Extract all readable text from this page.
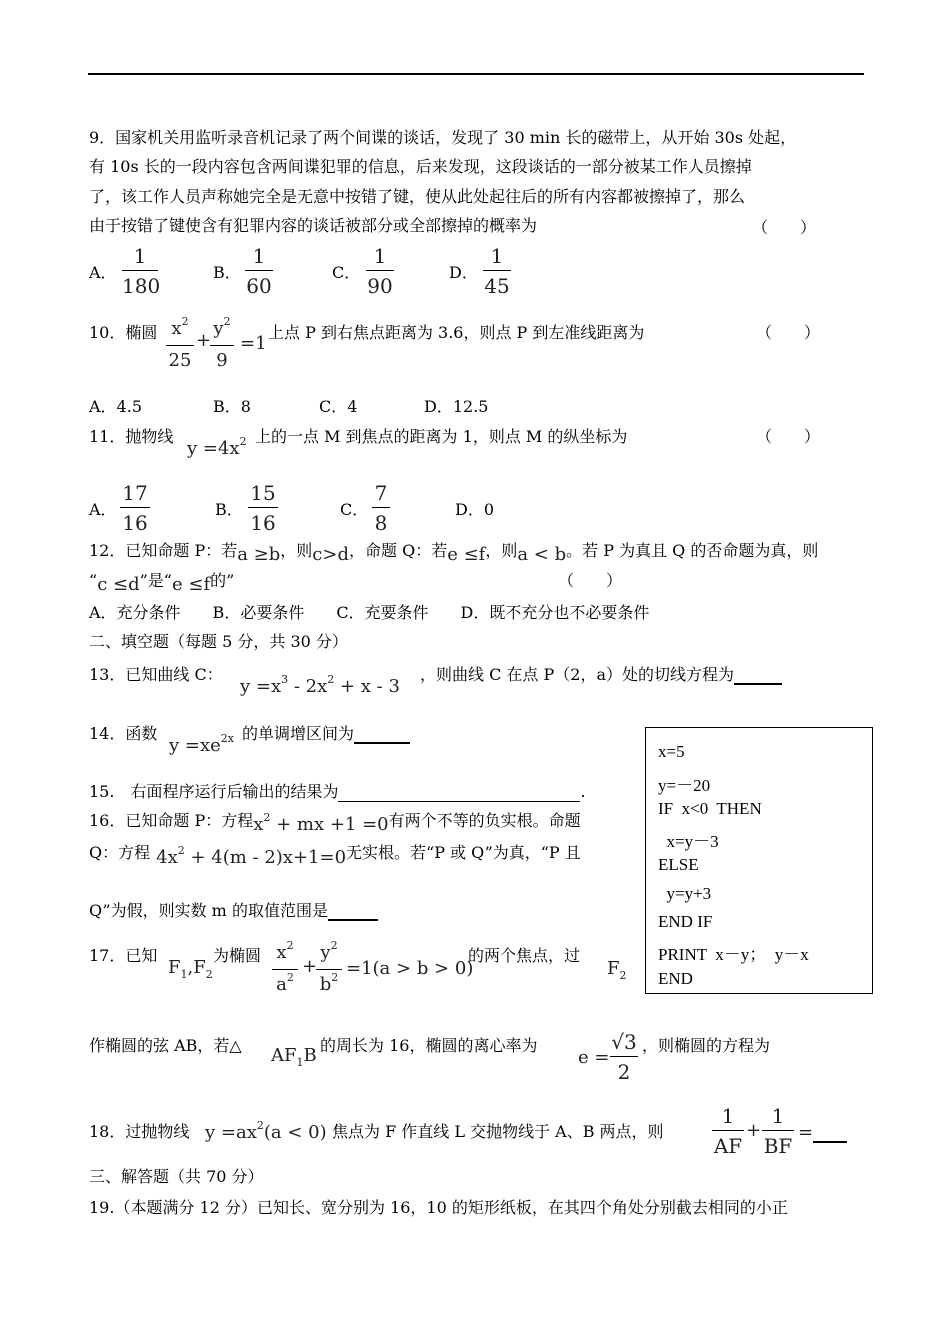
9．国家机关用监听录音机记录了两个间谍的谈话，发现了 30 min 长的磁带上，从开始 30s 处起，
有 10s 长的一段内容包含两间谍犯罪的信息，后来发现，这段谈话的一部分被某工作人员擦掉
了，该工作人员声称她完全是无意中按错了键，使从此处起往后的所有内容都被擦掉了，那么
由于按错了键使含有犯罪内容的谈话被部分或全部擦掉的概率为	（　　）
A．
1
180
B．
1
60
C．
1
90
D．
1
45
10．椭圆 $x^2$
25
+
$y^2$
9
=1
上点 P 到右焦点距离为 3.6，则点 P 到左准线距离为	（　　）
A．4.5	B．8	C．4	D．12.5
11．抛物线
$y =4x^2$ 上的一点 M 到焦点的距离为 1，则点 M 的纵坐标为	（　　）
A．
17
16
B．
15
16
C．
7
8
D．0
12．已知命题 P：若a ≥b，则c>d，命题 Q：若e ≤f，则a < b。若 P 为真且 Q 的否命题为真，则
“c ≤d”是“e ≤f的”	（　　）
A．充分条件　　B．必要条件　　C．充要条件　　D．既不充分也不必要条件
二、填空题（每题 5 分，共 30 分）
13．已知曲线 C：
$y =x^3 - 2x^2 + x - 3$
，则曲线 C 在点 P（2，a）处的切线方程为
14．函数
$y =xe^{2x}$ 的单调增区间为
15.　右面程序运行后输出的结果为	.
16．已知命题 P：方程$x^2$ + mx +1 =0有两个不等的负实根。命题
Q：方程 $4x^2 + 4(m - 2)x+1=0$无实根。若“P 或 Q”为真，“P 且
Q”为假，则实数 m 的取值范围是
x=5
y=－20
IF  x<0  THEN
x=y－3
ELSE
y=y+3
END IF
PRINT  x－y；  y－x
END
17．已知
$F_1,F_2$
为椭圆 $x^2$
$a^2$
+
$y^2$
$b^2 =1(a > b > 0)$
的两个焦点，过
$F_2$
作椭圆的弦 AB，若△ $AF_1B$ 的周长为 16，椭圆的离心率为
e =
√3
2
，则椭圆的方程为
18．过抛物线 $y =ax^2(a < 0)$ 焦点为 F 作直线 L 交抛物线于 A、B 两点，则
1
AF
+
1
BF
=
三、解答题（共 70 分）
19.（本题满分 12 分）已知长、宽分别为 16，10 的矩形纸板，在其四个角处分别截去相同的小正
